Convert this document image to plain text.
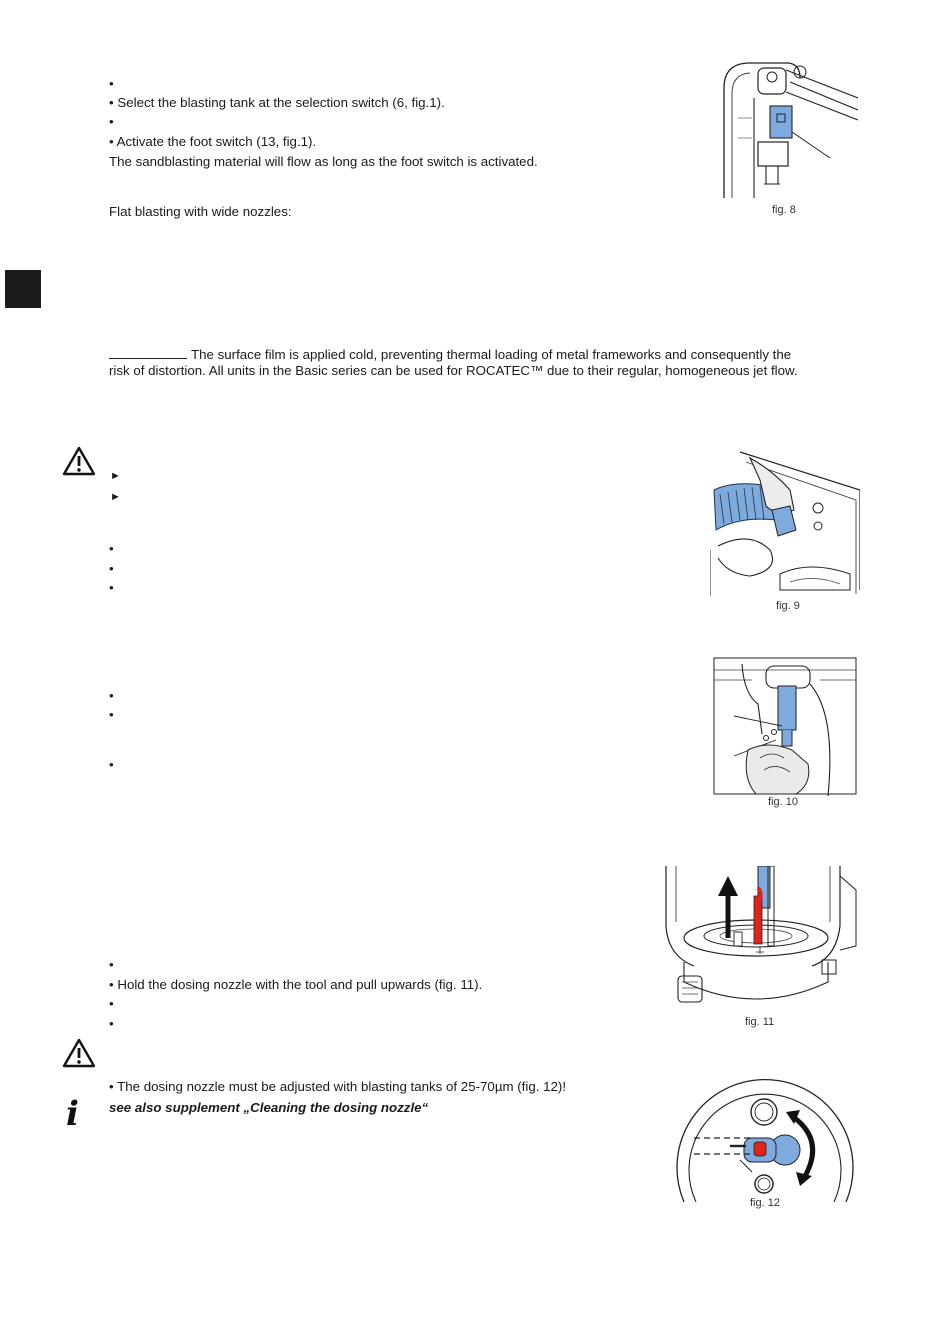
•
• Select the blasting tank at the selection switch (6, fig.1).
•
• Activate the foot switch (13, fig.1).
The sandblasting material will flow as long as the foot switch is activated.
Flat blasting with wide nozzles:	fig. 8
The surface film is applied cold, preventing thermal loading of metal frameworks and consequently the
risk of distortion. All units in the Basic series can be used for ROCATEC™ due to their regular, homogeneous jet flow.
►
►
•
•
•
fig. 9
•
•
•
fig. 10
•
• Hold the dosing nozzle with the tool and pull upwards (fig. 11).
•
•	fig. 11
• The dosing nozzle must be adjusted with blasting tanks of 25-70µm (fig. 12)!
i	see also supplement „Cleaning the dosing nozzle“
fig. 12
